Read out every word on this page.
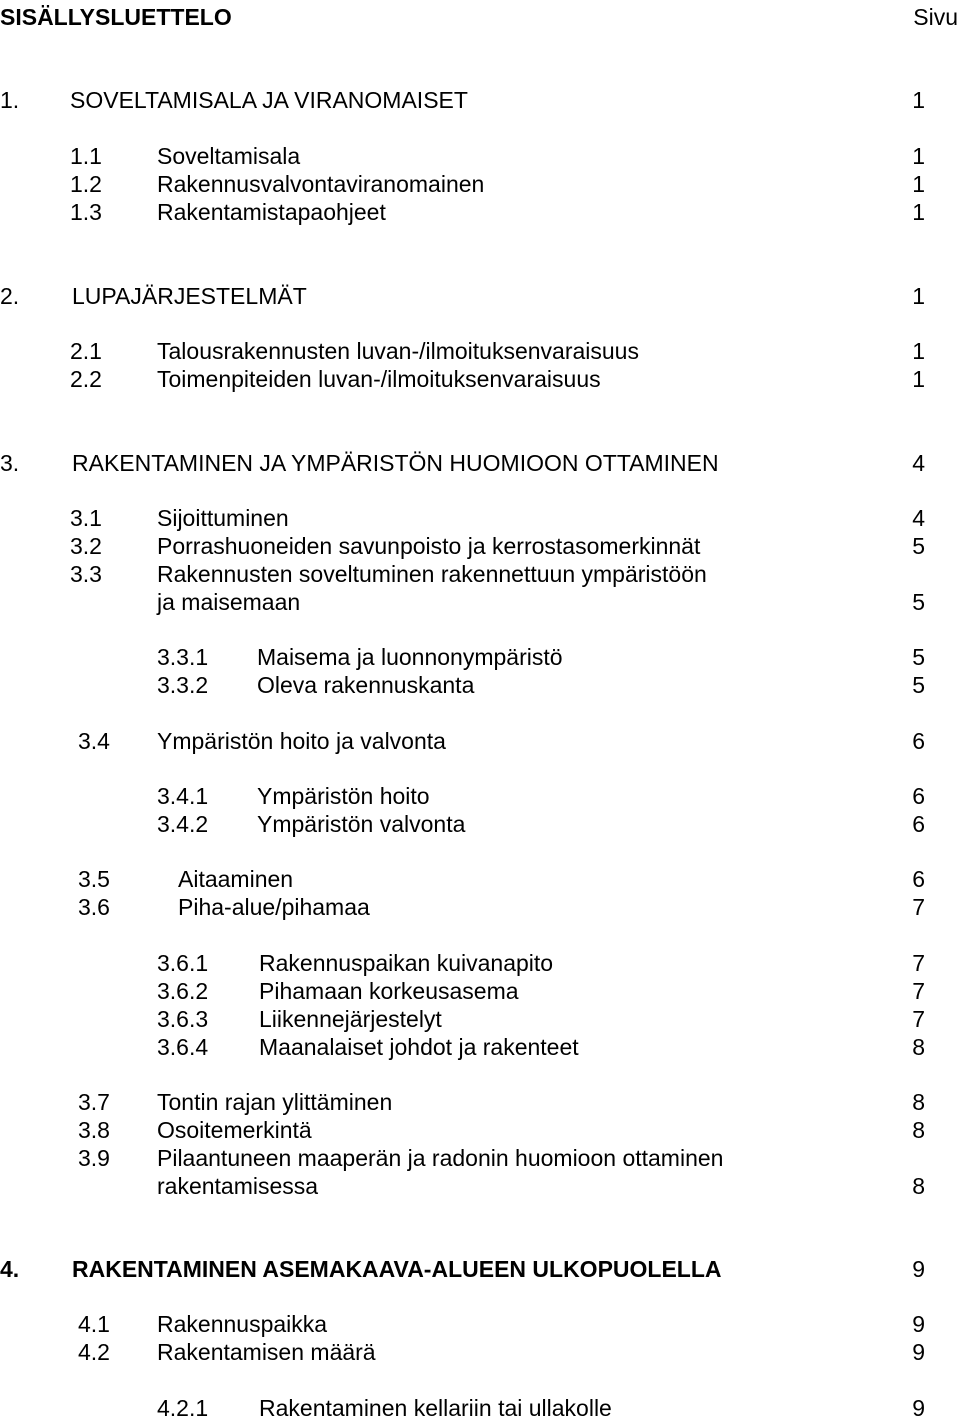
SISÄLLYSLUETTELO	Sivu
1. SOVELTAMISALA JA VIRANOMAISET	1
1.1 Soveltamisala	1
1.2 Rakennusvalvontaviranomainen	1
1.3 Rakentamistapaohjeet	1
2. LUPAJÄRJESTELMÄT	1
2.1 Talousrakennusten luvan-/ilmoituksenvaraisuus	1
2.2 Toimenpiteiden luvan-/ilmoituksenvaraisuus	1
3. RAKENTAMINEN JA YMPÄRISTÖN HUOMIOON OTTAMINEN	4
3.1 Sijoittuminen	4
3.2 Porrashuoneiden savunpoisto ja kerrostasomerkinnät	5
3.3 Rakennusten soveltuminen rakennettuun ympäristöön
ja maisemaan	5
3.3.1 Maisema ja luonnonympäristö	5
3.3.2 Oleva rakennuskanta	5
3.4 Ympäristön hoito ja valvonta	6
3.4.1 Ympäristön hoito	6
3.4.2 Ympäristön valvonta	6
3.5	Aitaaminen	6
3.6	Piha-alue/pihamaa	7
3.6.1 Rakennuspaikan kuivanapito	7
3.6.2 Pihamaan korkeusasema	7
3.6.3 Liikennejärjestelyt	7
3.6.4 Maanalaiset johdot ja rakenteet	8
3.7 Tontin rajan ylittäminen	8
3.8 Osoitemerkintä	8
3.9 Pilaantuneen maaperän ja radonin huomioon ottaminen
rakentamisessa	8
4. RAKENTAMINEN ASEMAKAAVA-ALUEEN ULKOPUOLELLA	9
4.1 Rakennuspaikka	9
4.2 Rakentamisen määrä	9
4.2.1 Rakentaminen kellariin tai ullakolle	9
